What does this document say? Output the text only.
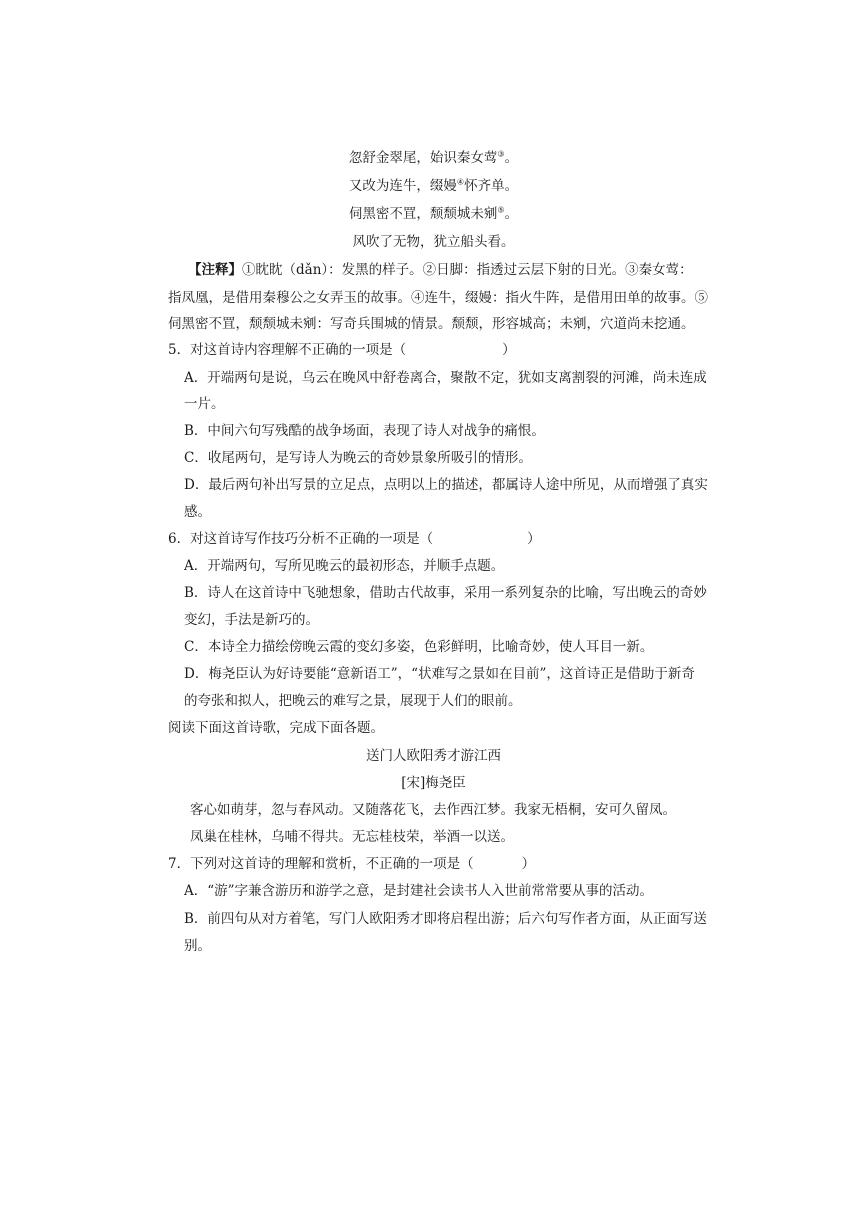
忽舒金翠尾，始识秦女莺③。
又改为连牛，缀嫚④怀齐单。
伺黑密不罝，颓颓城未剜⑤。
风吹了无物，犹立船头看。
【注释】①眈眈（dǎn）：发黑的样子。②日脚：指透过云层下射的日光。③秦女莺：
指凤凰，是借用秦穆公之女弄玉的故事。④连牛，缀嫚：指火牛阵，是借用田单的故事。⑤
伺黑密不罝，颓颓城未剜：写奇兵围城的情景。颓颓，形容城高；未剜，穴道尚未挖通。
5．对这首诗内容理解不正确的一项是（	）
A．开端两句是说，乌云在晚风中舒卷离合，聚散不定，犹如支离割裂的河滩，尚未连成
一片。
B．中间六句写残酷的战争场面，表现了诗人对战争的痛恨。
C．收尾两句，是写诗人为晚云的奇妙景象所吸引的情形。
D．最后两句补出写景的立足点，点明以上的描述，都属诗人途中所见，从而增强了真实
感。
6．对这首诗写作技巧分析不正确的一项是（	）
A．开端两句，写所见晚云的最初形态，并顺手点题。
B．诗人在这首诗中飞驰想象，借助古代故事，采用一系列复杂的比喻，写出晚云的奇妙
变幻，手法是新巧的。
C．本诗全力描绘傍晚云霞的变幻多姿，色彩鲜明，比喻奇妙，使人耳目一新。
D．梅尧臣认为好诗要能“意新语工”，“状难写之景如在目前”，这首诗正是借助于新奇
的夸张和拟人，把晚云的难写之景，展现于人们的眼前。
阅读下面这首诗歌，完成下面各题。
送门人欧阳秀才游江西
[宋]梅尧臣
客心如萌芽，忽与春风动。又随落花飞，去作西江梦。我家无梧桐，安可久留凤。
凤巢在桂林，乌哺不得共。无忘桂枝荣，举酒一以送。
7．下列对这首诗的理解和赏析，不正确的一项是（	）
A．“游”字兼含游历和游学之意，是封建社会读书人入世前常常要从事的活动。
B．前四句从对方着笔，写门人欧阳秀才即将启程出游；后六句写作者方面，从正面写送
别。
